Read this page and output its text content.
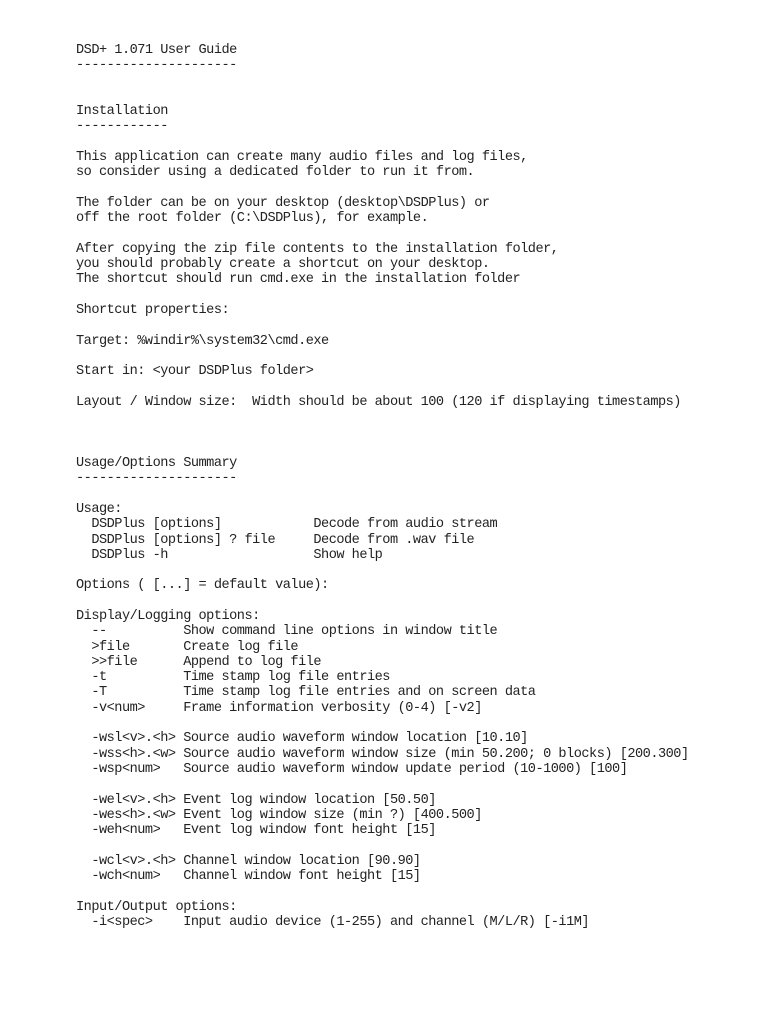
DSD+ 1.071 User Guide
---------------------
Installation
------------
This application can create many audio files and log files,
so consider using a dedicated folder to run it from.
The folder can be on your desktop (desktop\DSDPlus) or
off the root folder (C:\DSDPlus), for example.
After copying the zip file contents to the installation folder,
you should probably create a shortcut on your desktop.
The shortcut should run cmd.exe in the installation folder
Shortcut properties:
Target: %windir%\system32\cmd.exe
Start in: <your DSDPlus folder>
Layout / Window size:  Width should be about 100 (120 if displaying timestamps)
Usage/Options Summary
---------------------
Usage:
DSDPlus [options]            Decode from audio stream
DSDPlus [options] ? file     Decode from .wav file
DSDPlus -h                   Show help
Options ( [...] = default value):
Display/Logging options:
--          Show command line options in window title
>file       Create log file
>>file      Append to log file
-t          Time stamp log file entries
-T          Time stamp log file entries and on screen data
-v<num>     Frame information verbosity (0-4) [-v2]
-wsl<v>.<h> Source audio waveform window location [10.10]
-wss<h>.<w> Source audio waveform window size (min 50.200; 0 blocks) [200.300]
-wsp<num>   Source audio waveform window update period (10-1000) [100]
-wel<v>.<h> Event log window location [50.50]
-wes<h>.<w> Event log window size (min ?) [400.500]
-weh<num>   Event log window font height [15]
-wcl<v>.<h> Channel window location [90.90]
-wch<num>   Channel window font height [15]
Input/Output options:
-i<spec>    Input audio device (1-255) and channel (M/L/R) [-i1M]
